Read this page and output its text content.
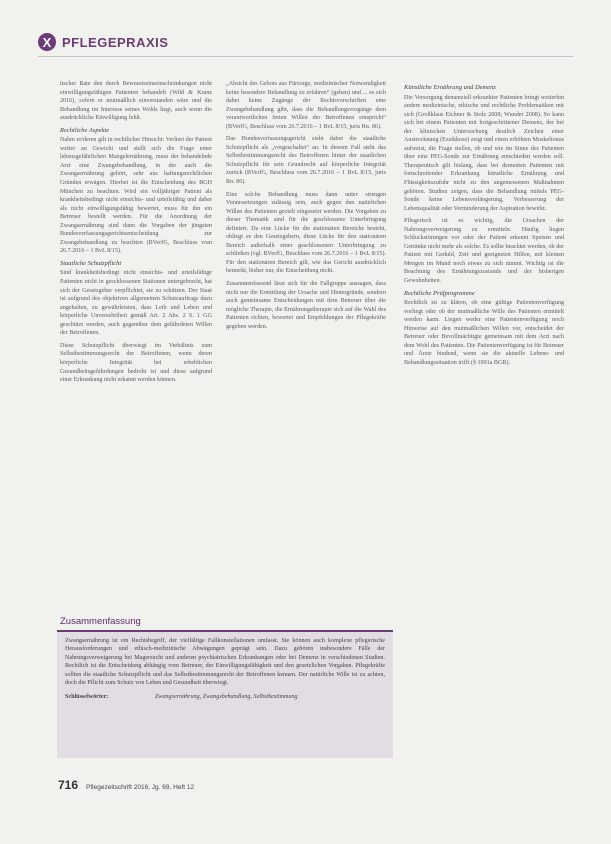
X PFLEGEPRAXIS

tischer Rate den durch Bewusstseinseinschränkungen nicht einwilligungsfähigen Patienten behandelt (Wild & Kranz 2016), sofern er mutmaßlich einverstanden wäre und die Behandlung im Interesse seines Wohls liegt, auch wenn die ausdrückliche Einwilligung fehlt.

Rechtliche Aspekte

Nahm er/deren gilt in rechtlicher Hinsicht: Verliert der Patient weiter an Gewicht und stellt sich die Frage einer lebensgefährlichen Mangelernährung, muss der behandelnde Arzt eine Zwangsbehandlung, in der auch die Zwangsernährung gehört, sehr aus haftungsrechtlichen Gründen erwägen. Hierbei ist die Entscheidung des BGH München zu beachten. Wird ein volljähriger Patient als krankheitsbedingt nicht einsichts- und urteilsfähig und daher als nicht einwilligungsfähig bewertet, muss für ihn ein Betreuer bestellt werden. Für die Anordnung der Zwangsernährung sind dann die Vorgaben der jüngsten Bundesverfassungsgerichtsentscheidung zur Zwangsbehandlung zu beachten (BVerfG, Beschluss vom 26.7.2016 – 1 BvL 8/15).

Staatliche Schutzpflicht

Sind krankheitsbedingt nicht einsichts- und urteilsfähige Patienten nicht in geschlossenen Stationen untergebracht, hat sich der Gesetzgeber verpflichtet, sie zu schützen. Der Staat ist aufgrund des objektiven allgemeinen Schutzauftrags dazu angehalten, zu gewährleisten, dass Leib und Leben und körperliche Unversehrtheit gemäß Art. 2 Abs. 2 S. 1 GG geschützt werden, auch gegenüber dem gefährdeten Willen der Betroffenen.

Diese Schutzpflicht überwiegt im Verhältnis zum Selbstbestimmungsrecht der Betroffenen, wenn deren körperliche Integrität bei erheblichen Gesundheitsgefährdungen bedroht ist und diese aufgrund einer Erkrankung nicht erkannt werden können.

„Absicht des Gebots aus Fürsorge, medizinischer Notwendigkeit keine besondere Behandlung zu erfahren“ (gehen) und ... es sich dabei keine Zugänge der Rechtsvorschriften eine Zwangsbehandlung gibt, dass die Behandlungsvorgänge dem verantwortlichen freien Willen der Betroffenen entspricht“ (BVerfG, Beschluss vom 26.7.2016 – 1 BvL 8/15, juris Rn. 86).

Das Bundesverfassungsgericht sieht dabei die staatliche Schutzpflicht als „vorgeschaltet“ an. In diesem Fall steht das Selbstbestimmungsrecht des Betroffenen hinter der staatlichen Schutzpflicht für sein Grundrecht auf körperliche Integrität zurück (BVerfG, Beschluss vom 26.7.2016 – 1 BvL 8/15, juris Rn. 86).

Eine solche Behandlung muss dann unter strengen Voraussetzungen zulässig sein, auch gegen den natürlichen Willen des Patienten gezielt eingesetzt werden. Die Vorgaben zu dieser Thematik sind für die geschlossene Unterbringung definiert. Da eine Lücke für die stationären Bereiche besteht, obliegt es den Gesetzgebern, diese Lücke für den stationären Bereich außerhalb einer geschlossenen Unterbringung zu schließen (vgl. BVerfG, Beschluss vom 26.7.2016 – 1 BvL 8/15). Für den stationären Bereich gilt, wie das Gericht ausdrücklich bemerkt, bisher nur, die Entscheidung nicht.

Zusammenfassend lässt sich für die Fallgruppe aussagen, dass nicht nur die Ermittlung der Ursache und Hintergründe, sondern auch gemeinsame Entscheidungen mit dem Betreuer über die mögliche Therapie, die Ernährungstherapie sich auf die Wahl des Patienten richten, bewertet und Empfehlungen der Pflegekräfte gegeben werden.

Künstliche Ernährung und Demenz

Die Versorgung demenziell erkrankter Patienten bringt weiterhin andere medizinische, ethische und rechtliche Problematiken mit sich (Großklaus Eichner & Stolz 2008; Wunder 2008). So kann sich bei einem Patienten mit fortgeschrittener Demenz, der bei der klinischen Untersuchung deutlich Zeichen einer Austrocknung (Exsikkose) zeigt und einen erhöhten Muskeltonus aufweist, die Frage stellen, ob und wie im Sinne des Patienten über eine PEG-Sonde zur Ernährung entschieden werden soll. Therapeutisch gilt bislang, dass bei dementen Patienten mit fortschreitender Erkrankung künstliche Ernährung und Flüssigkeitszufuhr nicht zu den angemessenen Maßnahmen gehören. Studien zeigen, dass die Behandlung mittels PEG-Sonde keine Lebensverlängerung, Verbesserung der Lebensqualität oder Verminderung der Aspiration bewirkt.

Pflegerisch ist es wichtig, die Ursachen der Nahrungsverweigerung zu ermitteln. Häufig liegen Schluckstörungen vor oder der Patient erkennt Speisen und Getränke nicht mehr als solche. Es sollte beachtet werden, ob der Patient mit Geduld, Zeit und geeigneten Hilfen, mit kleinen Mengen im Mund noch etwas zu sich nimmt. Wichtig ist die Beachtung des Ernährungszustands und der bisherigen Gewohnheiten.

Rechtliche Prüfprogramme

Rechtlich ist zu klären, ob eine gültige Patientenverfügung vorliegt oder ob der mutmaßliche Wille des Patienten ermittelt werden kann. Liegen weder eine Patientenverfügung noch Hinweise auf den mutmaßlichen Willen vor, entscheidet der Betreuer oder Bevollmächtigte gemeinsam mit dem Arzt nach dem Wohl des Patienten. Die Patientenverfügung ist für Betreuer und Ärzte bindend, wenn sie die aktuelle Lebens- und Behandlungssituation trifft (§ 1901a BGB).

Zusammenfassung

Zwangsernährung ist ein Rechtsbegriff, der vielfältige Fallkonstellationen umfasst. Sie können auch komplexe pflegerische Herausforderungen und ethisch-medizinische Abwägungen geprägt sein. Dazu gehören insbesondere Fälle der Nahrungsverweigerung bei Magersucht und anderen psychiatrischen Erkrankungen oder bei Demenz in verschiedenen Stadien. Rechtlich ist die Entscheidung abhängig vom Betreuer, der Einwilligungsfähigkeit und den gesetzlichen Vorgaben. Pflegekräfte sollten die staatliche Schutzpflicht und das Selbstbestimmungsrecht der Betroffenen kennen. Der natürliche Wille ist zu achten, doch die Pflicht zum Schutz von Leben und Gesundheit überwiegt.

Schlüsselwörter:	Zwangsernährung, Zwangsbehandlung, Selbstbestimmung
716 Pflegezeitschrift 2016, Jg. 69, Heft 12
